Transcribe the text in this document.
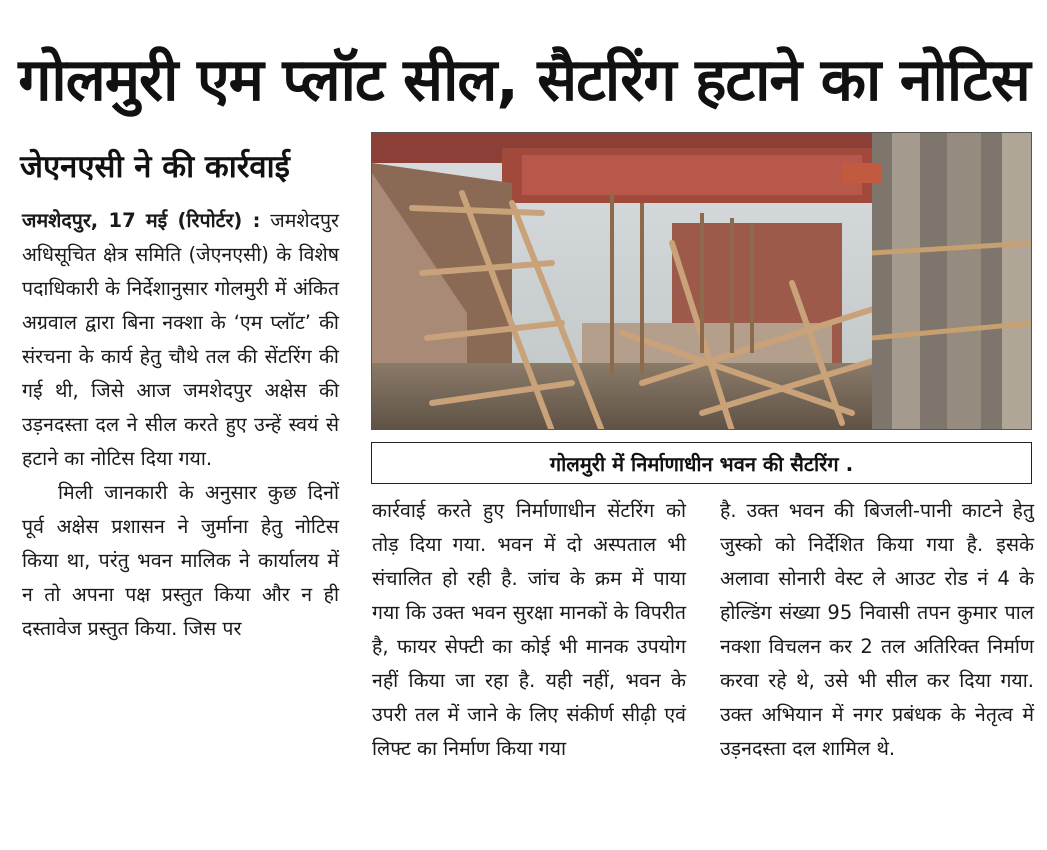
गोलमुरी एम प्लॉट सील, सैटरिंग हटाने का नोटिस
जेएनएसी ने की कार्रवाई

जमशेदपुर, 17 मई (रिपोर्टर) : जमशेदपुर अधिसूचित क्षेत्र समिति (जेएनएसी) के विशेष पदाधिकारी के निर्देशानुसार गोलमुरी में अंकित अग्रवाल द्वारा बिना नक्शा के ‘एम प्लॉट’ की संरचना के कार्य हेतु चौथे तल की सेंटरिंग की गई थी, जिसे आज जमशेदपुर अक्षेस की उड़नदस्ता दल ने सील करते हुए उन्हें स्वयं से हटाने का नोटिस दिया गया.

मिली जानकारी के अनुसार कुछ दिनों पूर्व अक्षेस प्रशासन ने जुर्माना हेतु नोटिस किया था, परंतु भवन मालिक ने कार्यालय में न तो अपना पक्ष प्रस्तुत किया और न ही दस्तावेज प्रस्तुत किया. जिस पर

गोलमुरी में निर्माणाधीन भवन की सैटरिंग .

कार्रवाई करते हुए निर्माणाधीन सेंटरिंग को तोड़ दिया गया. भवन में दो अस्पताल भी संचालित हो रही है. जांच के क्रम में पाया गया कि उक्त भवन सुरक्षा मानकों के विपरीत है, फायर सेफ्टी का कोई भी मानक उपयोग नहीं किया जा रहा है. यही नहीं, भवन के उपरी तल में जाने के लिए संकीर्ण सीढ़ी एवं लिफ्ट का निर्माण किया गया

है. उक्त भवन की बिजली-पानी काटने हेतु जुस्को को निर्देशित किया गया है. इसके अलावा सोनारी वेस्ट ले आउट रोड नं 4 के होल्डिंग संख्या 95 निवासी तपन कुमार पाल नक्शा विचलन कर 2 तल अतिरिक्त निर्माण करवा रहे थे, उसे भी सील कर दिया गया. उक्त अभियान में नगर प्रबंधक के नेतृत्व में उड़नदस्ता दल शामिल थे.
